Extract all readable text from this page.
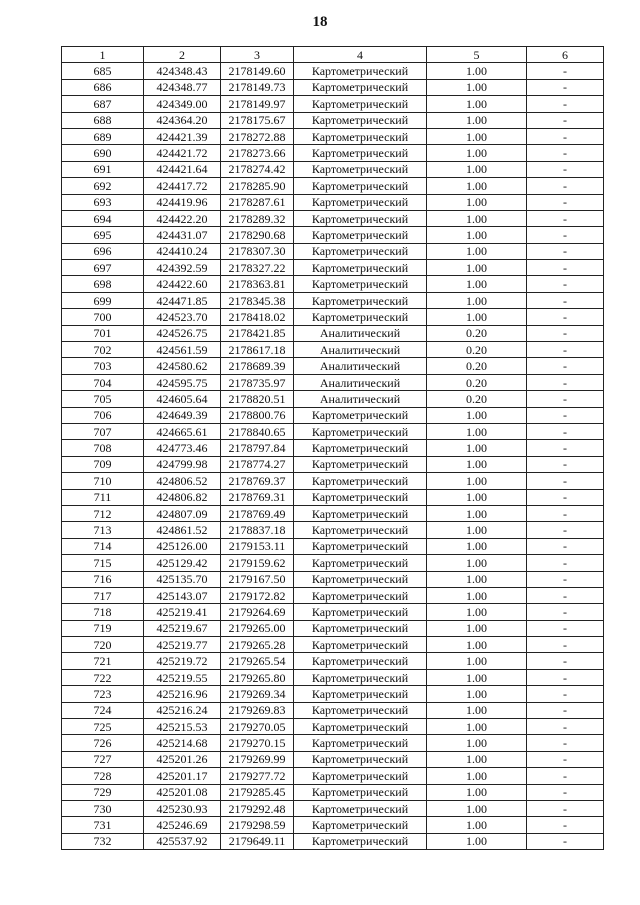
18
1	2	3	4	5	6
685	424348.43	2178149.60	Картометрический	1.00	-
686	424348.77	2178149.73	Картометрический	1.00	-
687	424349.00	2178149.97	Картометрический	1.00	-
688	424364.20	2178175.67	Картометрический	1.00	-
689	424421.39	2178272.88	Картометрический	1.00	-
690	424421.72	2178273.66	Картометрический	1.00	-
691	424421.64	2178274.42	Картометрический	1.00	-
692	424417.72	2178285.90	Картометрический	1.00	-
693	424419.96	2178287.61	Картометрический	1.00	-
694	424422.20	2178289.32	Картометрический	1.00	-
695	424431.07	2178290.68	Картометрический	1.00	-
696	424410.24	2178307.30	Картометрический	1.00	-
697	424392.59	2178327.22	Картометрический	1.00	-
698	424422.60	2178363.81	Картометрический	1.00	-
699	424471.85	2178345.38	Картометрический	1.00	-
700	424523.70	2178418.02	Картометрический	1.00	-
701	424526.75	2178421.85	Аналитический	0.20	-
702	424561.59	2178617.18	Аналитический	0.20	-
703	424580.62	2178689.39	Аналитический	0.20	-
704	424595.75	2178735.97	Аналитический	0.20	-
705	424605.64	2178820.51	Аналитический	0.20	-
706	424649.39	2178800.76	Картометрический	1.00	-
707	424665.61	2178840.65	Картометрический	1.00	-
708	424773.46	2178797.84	Картометрический	1.00	-
709	424799.98	2178774.27	Картометрический	1.00	-
710	424806.52	2178769.37	Картометрический	1.00	-
711	424806.82	2178769.31	Картометрический	1.00	-
712	424807.09	2178769.49	Картометрический	1.00	-
713	424861.52	2178837.18	Картометрический	1.00	-
714	425126.00	2179153.11	Картометрический	1.00	-
715	425129.42	2179159.62	Картометрический	1.00	-
716	425135.70	2179167.50	Картометрический	1.00	-
717	425143.07	2179172.82	Картометрический	1.00	-
718	425219.41	2179264.69	Картометрический	1.00	-
719	425219.67	2179265.00	Картометрический	1.00	-
720	425219.77	2179265.28	Картометрический	1.00	-
721	425219.72	2179265.54	Картометрический	1.00	-
722	425219.55	2179265.80	Картометрический	1.00	-
723	425216.96	2179269.34	Картометрический	1.00	-
724	425216.24	2179269.83	Картометрический	1.00	-
725	425215.53	2179270.05	Картометрический	1.00	-
726	425214.68	2179270.15	Картометрический	1.00	-
727	425201.26	2179269.99	Картометрический	1.00	-
728	425201.17	2179277.72	Картометрический	1.00	-
729	425201.08	2179285.45	Картометрический	1.00	-
730	425230.93	2179292.48	Картометрический	1.00	-
731	425246.69	2179298.59	Картометрический	1.00	-
732	425537.92	2179649.11	Картометрический	1.00	-
